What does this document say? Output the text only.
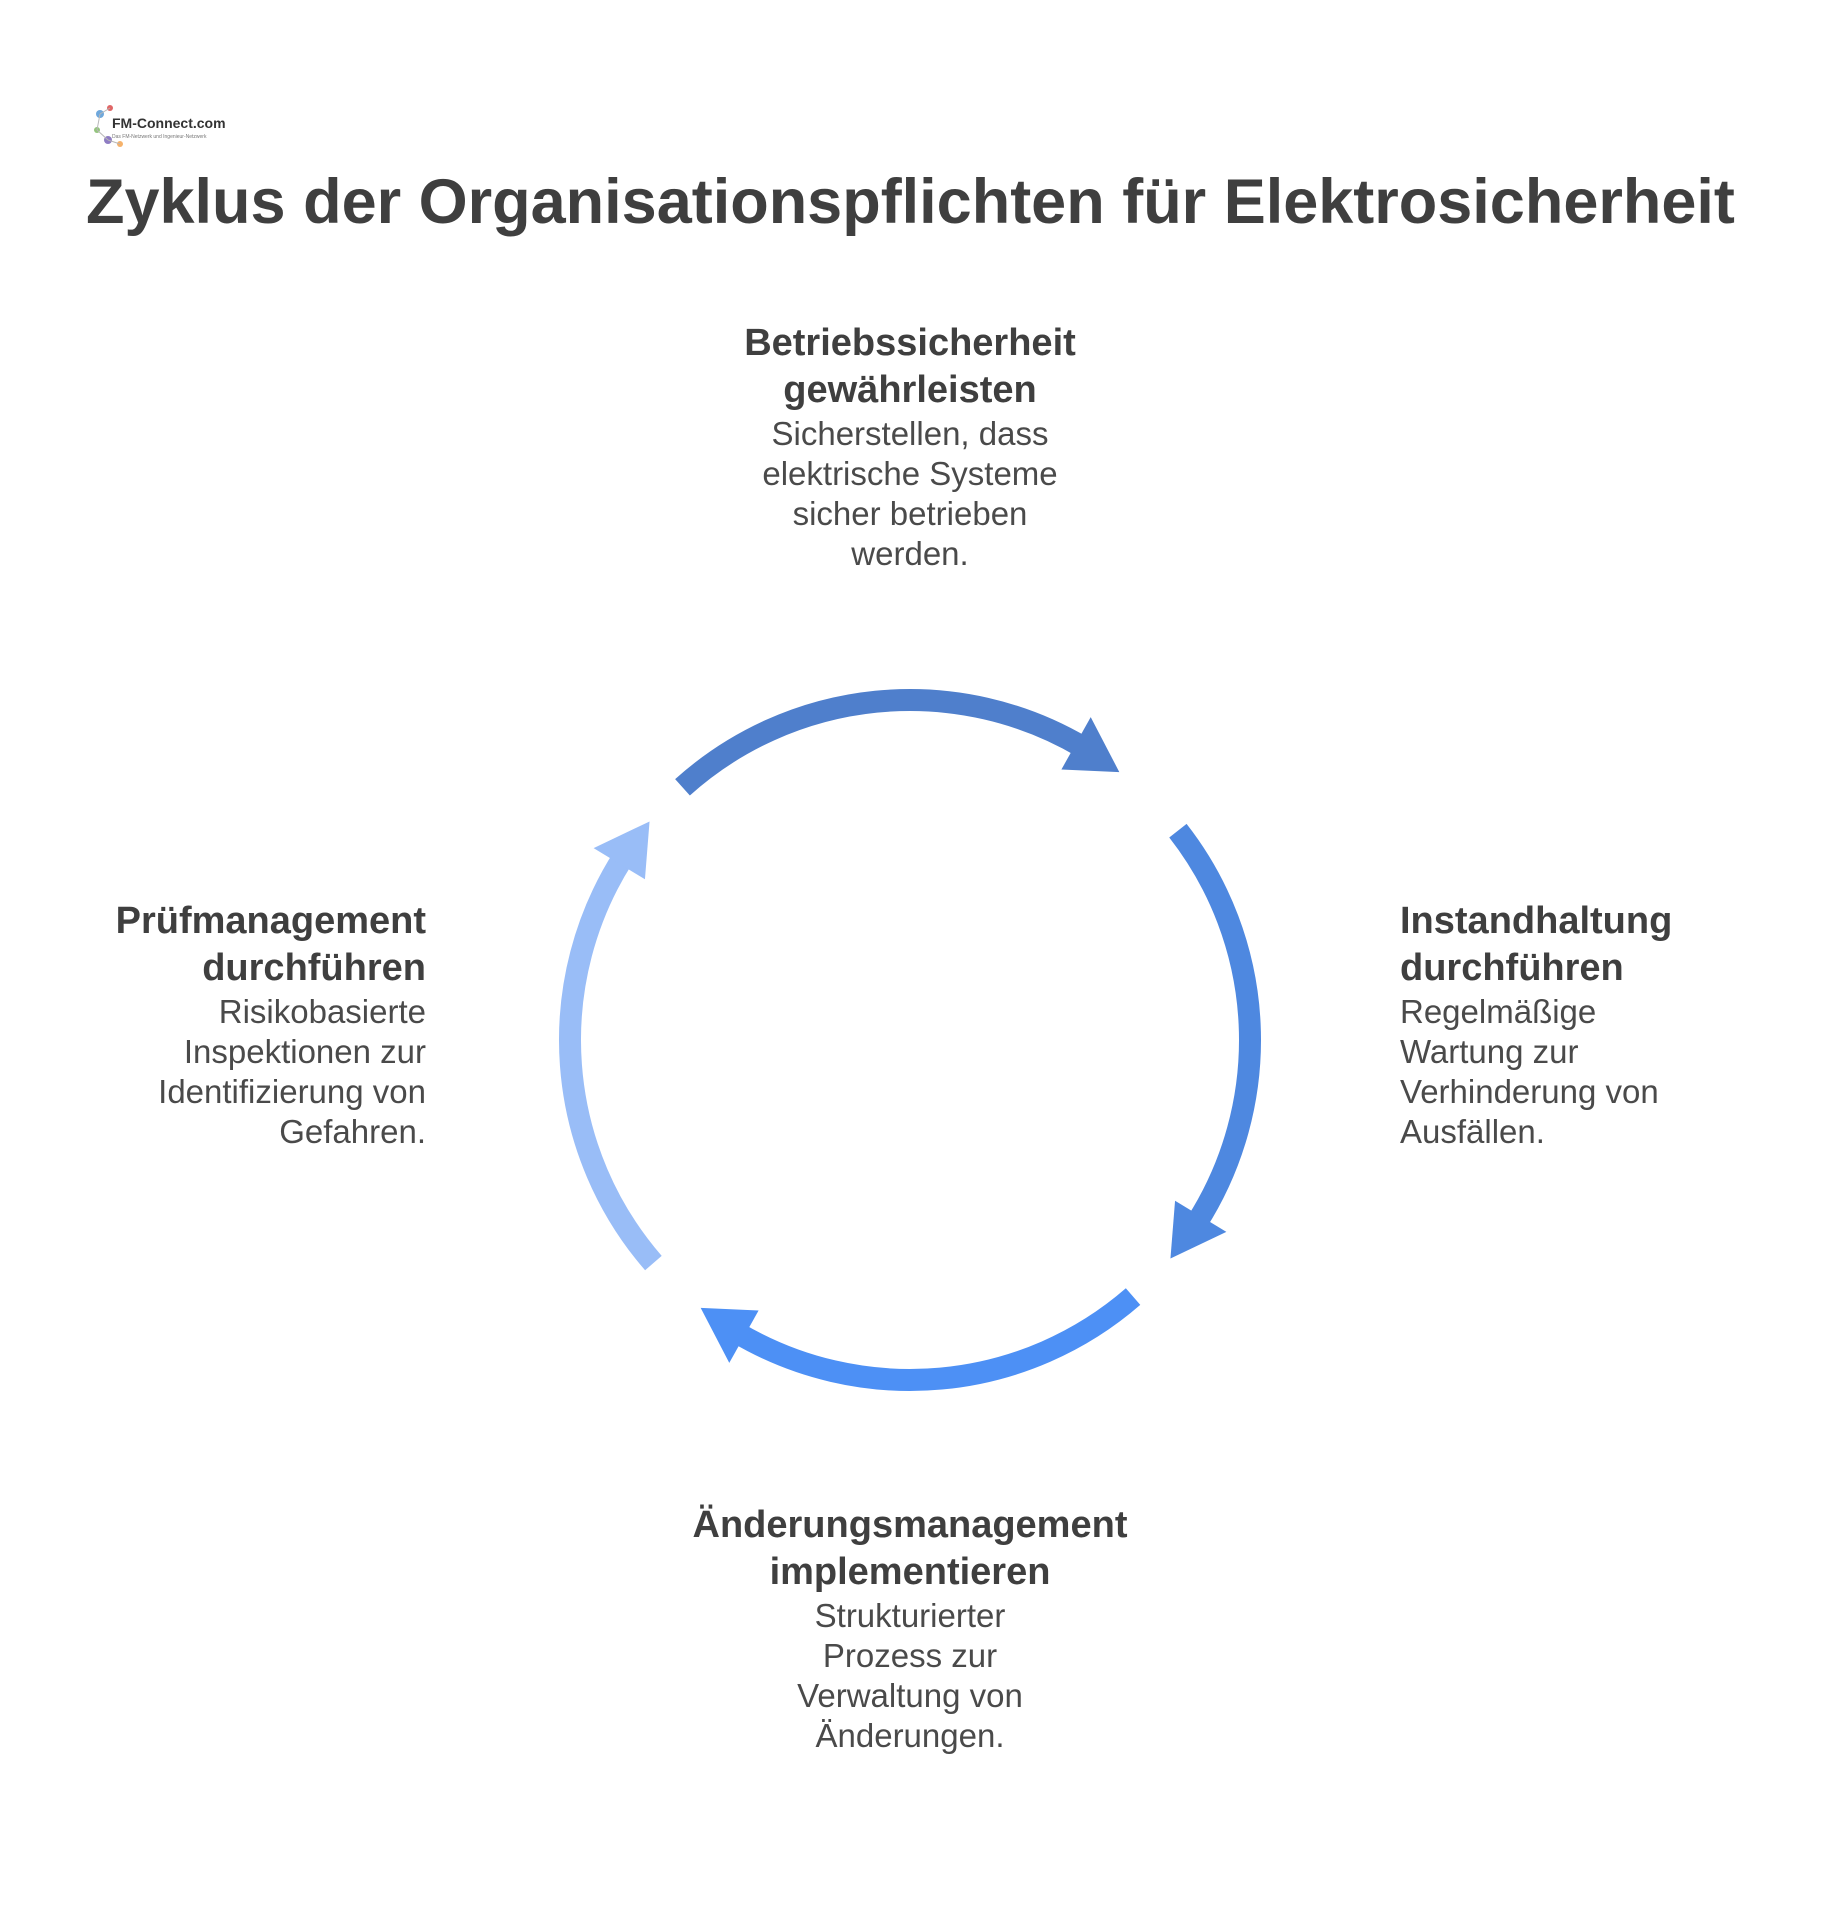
FM-Connect.com
Das FM-Netzwerk und Ingenieur-Netzwerk
Zyklus der Organisationspflichten für Elektrosicherheit
Betriebssicherheit
gewährleisten
Sicherstellen, dass
elektrische Systeme
sicher betrieben
werden.
Instandhaltung
durchführen
Regelmäßige
Wartung zur
Verhinderung von
Ausfällen.
Änderungsmanagement
implementieren
Strukturierter
Prozess zur
Verwaltung von
Änderungen.
Prüfmanagement
durchführen
Risikobasierte
Inspektionen zur
Identifizierung von
Gefahren.
